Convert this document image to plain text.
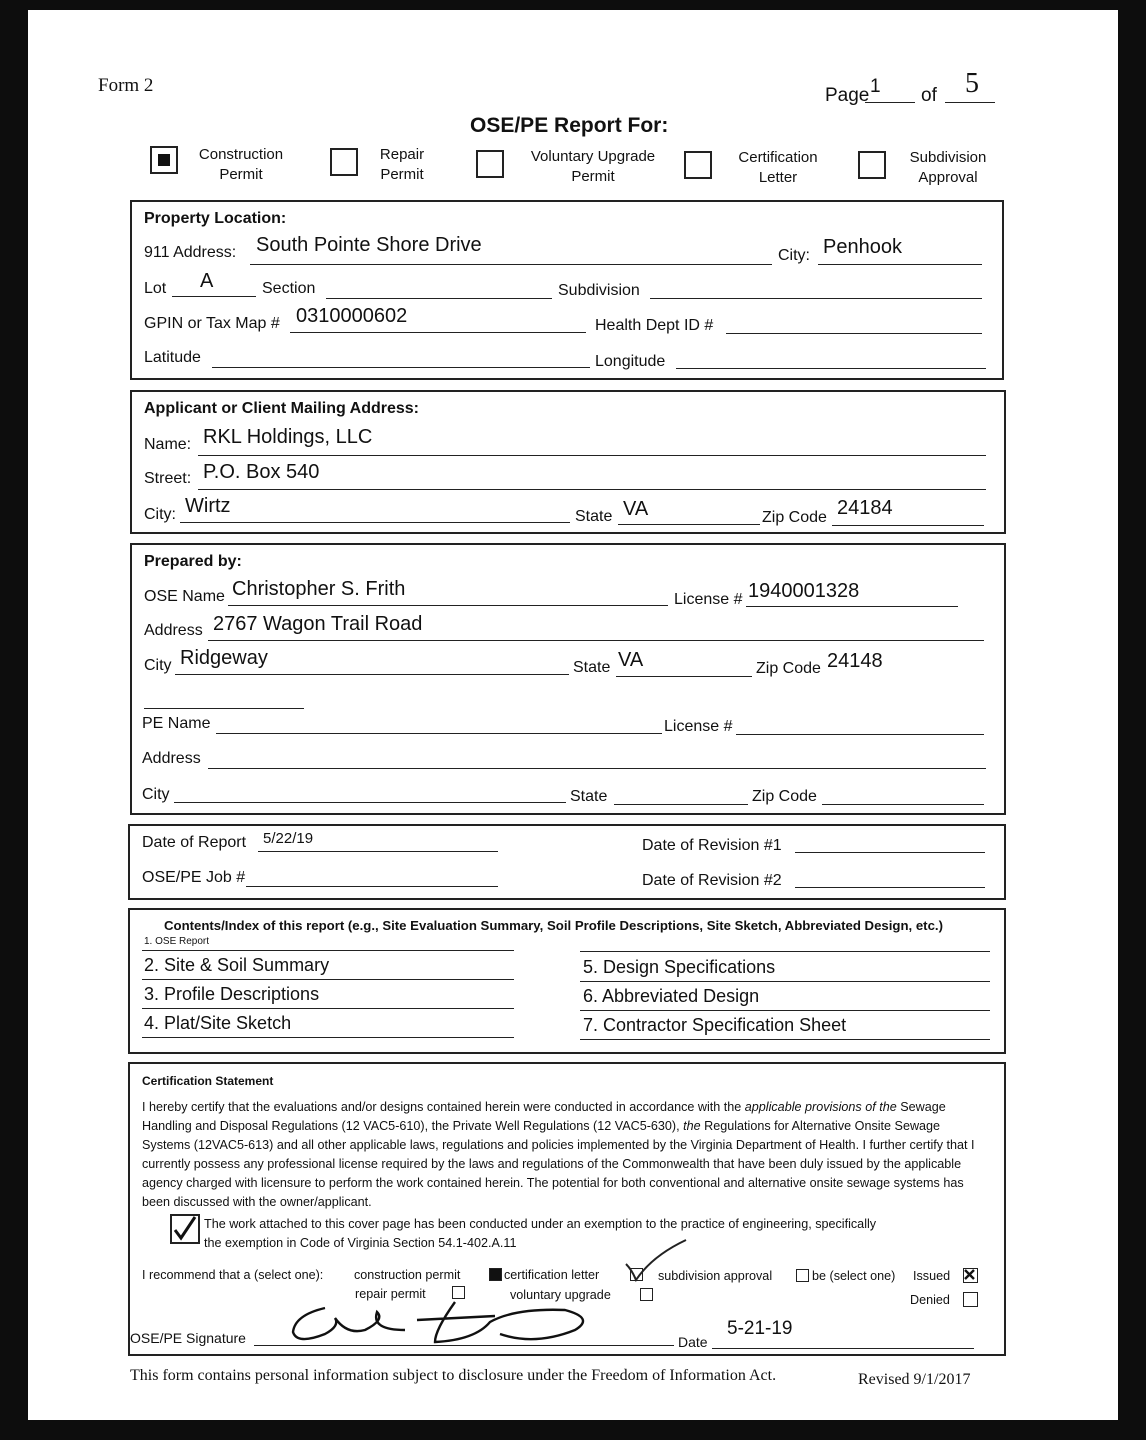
Form 2	Page 1 of 5
OSE/PE Report For:
Construction
Permit
Repair
Permit
Voluntary Upgrade
Permit
Certification
Letter
Subdivision
Approval
Property Location:
911 Address: South Pointe Shore Drive	City: Penhook
Lot A	Section	Subdivision
GPIN or Tax Map # 0310000602	Health Dept ID #
Latitude	Longitude
Applicant or Client Mailing Address:
Name: RKL Holdings, LLC
Street: P.O. Box 540
City: Wirtz	State VA	Zip Code 24184
Prepared by:
OSE Name Christopher S. Frith	License # 1940001328
Address 2767 Wagon Trail Road
City Ridgeway	State VA	Zip Code 24148
PE Name	License #
Address
City	State	Zip Code
Date of Report 5/22/19	Date of Revision #1
OSE/PE Job #	Date of Revision #2
Contents/Index of this report (e.g., Site Evaluation Summary, Soil Profile Descriptions, Site Sketch, Abbreviated Design, etc.)
1. OSE Report
2. Site & Soil Summary
3. Profile Descriptions
4. Plat/Site Sketch
5. Design Specifications
6. Abbreviated Design
7. Contractor Specification Sheet
Certification Statement
I hereby certify that the evaluations and/or designs contained herein were conducted in accordance with the applicable provisions of the Sewage Handling and Disposal Regulations (12 VAC5-610), the Private Well Regulations (12 VAC5-630), the Regulations for Alternative Onsite Sewage Systems (12VAC5-613) and all other applicable laws, regulations and policies implemented by the Virginia Department of Health. I further certify that I currently possess any professional license required by the laws and regulations of the Commonwealth that have been duly issued by the applicable agency charged with licensure to perform the work contained herein. The potential for both conventional and alternative onsite sewage systems has been discussed with the owner/applicant.
The work attached to this cover page has been conducted under an exemption to the practice of engineering, specifically
the exemption in Code of Virginia Section 54.1-402.A.11
I recommend that a (select one): construction permit	certification letter	subdivision approval	be (select one) Issued
repair permit	voluntary upgrade	Denied
OSE/PE Signature	Date
5-21-19
This form contains personal information subject to disclosure under the Freedom of Information Act.	Revised 9/1/2017
